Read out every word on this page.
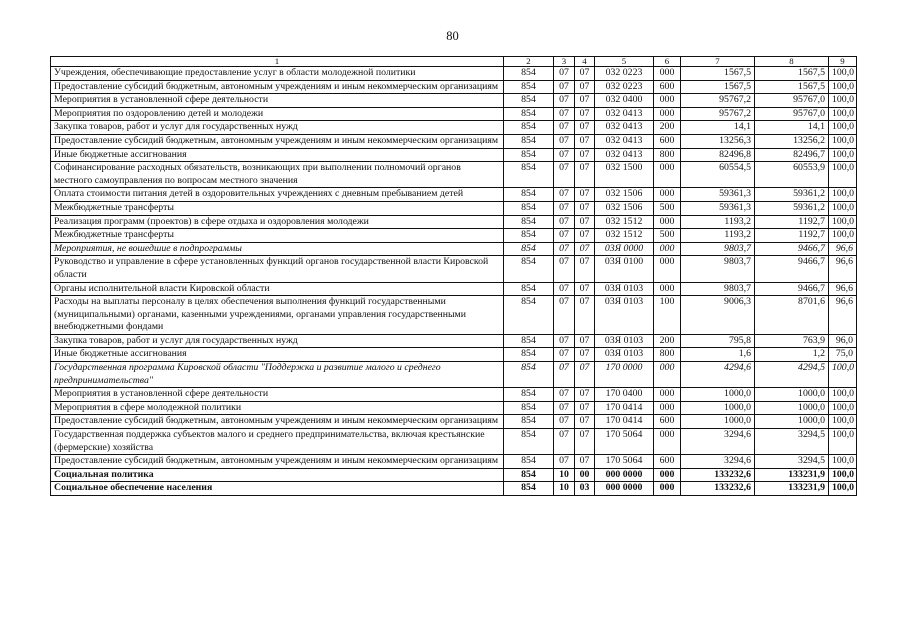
80
1	2	3	4	5	6	7	8	9
Учреждения, обеспечивающие предоставление услуг в области молодежной политики	854	07	07	032 0223	000	1567,5	1567,5	100,0
Предоставление субсидий бюджетным, автономным учреждениям и иным некоммерческим организациям	854	07	07	032 0223	600	1567,5	1567,5	100,0
Мероприятия в установленной сфере деятельности	854	07	07	032 0400	000	95767,2	95767,0	100,0
Мероприятия по оздоровлению детей и молодежи	854	07	07	032 0413	000	95767,2	95767,0	100,0
Закупка товаров, работ и услуг для государственных нужд	854	07	07	032 0413	200	14,1	14,1	100,0
Предоставление субсидий бюджетным, автономным учреждениям и иным некоммерческим организациям	854	07	07	032 0413	600	13256,3	13256,2	100,0
Иные бюджетные ассигнования	854	07	07	032 0413	800	82496,8	82496,7	100,0
Софинансирование расходных обязательств, возникающих при выполнении полномочий органов местного самоуправления по вопросам местного значения	854	07	07	032 1500	000	60554,5	60553,9	100,0
Оплата стоимости питания детей в оздоровительных учреждениях с дневным пребыванием детей	854	07	07	032 1506	000	59361,3	59361,2	100,0
Межбюджетные трансферты	854	07	07	032 1506	500	59361,3	59361,2	100,0
Реализация программ (проектов) в сфере отдыха и оздоровления молодежи	854	07	07	032 1512	000	1193,2	1192,7	100,0
Межбюджетные трансферты	854	07	07	032 1512	500	1193,2	1192,7	100,0
Мероприятия, не вошедшие в подпрограммы	854	07	07	03Я 0000	000	9803,7	9466,7	96,6
Руководство и управление в сфере установленных функций органов государственной власти Кировской области	854	07	07	03Я 0100	000	9803,7	9466,7	96,6
Органы исполнительной власти Кировской области	854	07	07	03Я 0103	000	9803,7	9466,7	96,6
Расходы на выплаты персоналу в целях обеспечения выполнения функций государственными (муниципальными) органами, казенными учреждениями, органами управления государственными внебюджетными фондами	854	07	07	03Я 0103	100	9006,3	8701,6	96,6
Закупка товаров, работ и услуг для государственных нужд	854	07	07	03Я 0103	200	795,8	763,9	96,0
Иные бюджетные ассигнования	854	07	07	03Я 0103	800	1,6	1,2	75,0
Государственная программа Кировской области "Поддержка и развитие малого и среднего предпринимательства"	854	07	07	170 0000	000	4294,6	4294,5	100,0
Мероприятия в установленной сфере деятельности	854	07	07	170 0400	000	1000,0	1000,0	100,0
Мероприятия в сфере молодежной политики	854	07	07	170 0414	000	1000,0	1000,0	100,0
Предоставление субсидий бюджетным, автономным учреждениям и иным некоммерческим организациям	854	07	07	170 0414	600	1000,0	1000,0	100,0
Государственная поддержка субъектов малого и среднего предпринимательства, включая крестьянские (фермерские) хозяйства	854	07	07	170 5064	000	3294,6	3294,5	100,0
Предоставление субсидий бюджетным, автономным учреждениям и иным некоммерческим организациям	854	07	07	170 5064	600	3294,6	3294,5	100,0
Социальная политика	854	10	00	000 0000	000	133232,6	133231,9	100,0
Социальное обеспечение населения	854	10	03	000 0000	000	133232,6	133231,9	100,0
